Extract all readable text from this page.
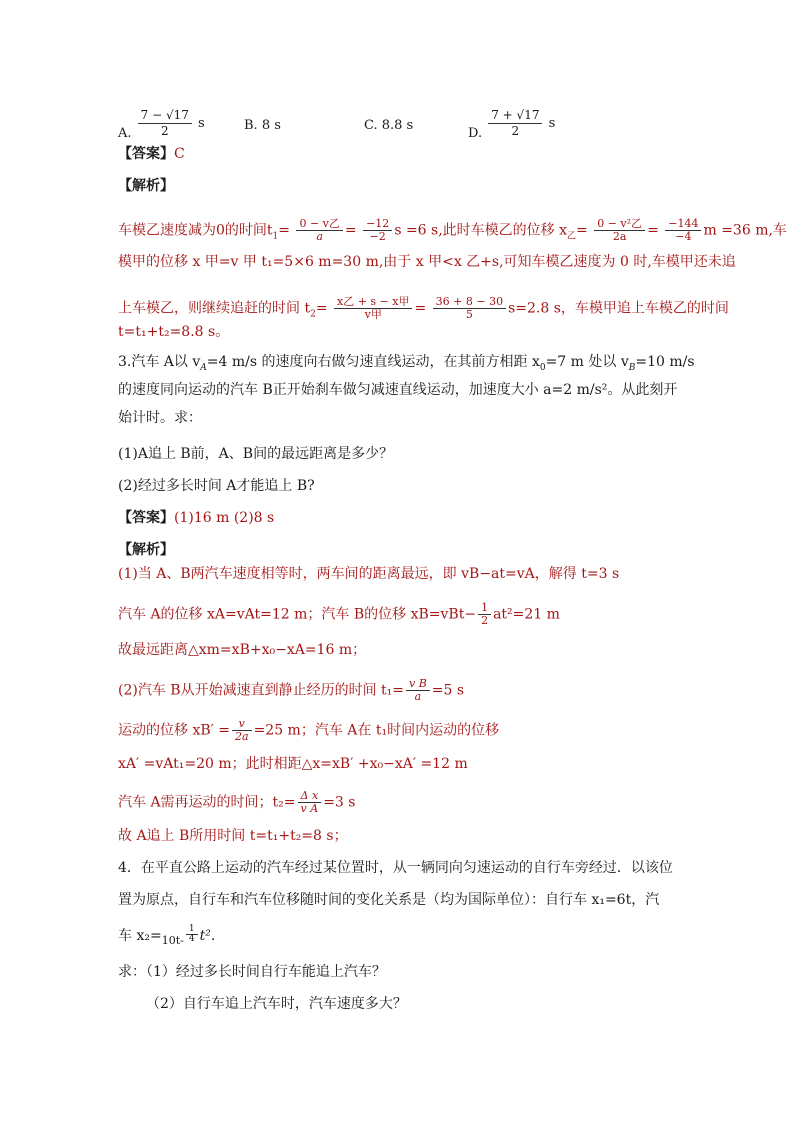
A. $\frac{7 - √17}{2}$ s	B. 8 s	C. 8.8 s
D. $\frac{7 + √17}{2}$ s
【答案】C
【解析】
车模乙速度减为0的时间$t_1= \frac{\text{0 − v乙}}{a} = \frac{-12}{-2}$ s =6 s,此时车模乙的位移 $x_乙= \frac{\text{0 − v²乙}}{2a} = \frac{-144}{-4}$ m =36 m,车
模甲的位移 x 甲=v 甲 t₁=5×6 m=30 m,由于 x 甲<x 乙+s,可知车模乙速度为 0 时,车模甲还未追
上车模乙，则继续追赶的时间 $t_2= \frac{\text{x乙 + s − x甲}}{\text{v甲}} = \frac{36 + 8 - 30}{5} s=2.8$ s，车模甲追上车模乙的时间
t=t₁+t₂=8.8 s。
3.汽车 A以 $v_A=4$ m/s 的速度向右做匀速直线运动，在其前方相距 $x_0=7$ m 处以 $v_B=10$ m/s
的速度同向运动的汽车 B正开始刹车做匀减速直线运动，加速度大小 a=2 m/s²。从此刻开
始计时。求：
(1)A追上 B前，A、B间的最远距离是多少？
(2)经过多长时间 A才能追上 B?
【答案】(1)16 m (2)8 s
【解析】
(1)当 A、B两汽车速度相等时，两车间的距离最远，即 vB−at=vA，解得 t=3 s
汽车 A的位移 xA=vAt=12 m；汽车 B的位移 $xB=vBt- \frac{1}{2} at^2=21$ m
故最远距离△xm=xB+x₀−xA=16 m；
(2)汽车 B从开始减速直到静止经历的时间 $t_1= \frac{\text{v B}}{a} =5$ s
运动的位移 $xB' = \frac{v}{2a} =25$ m；汽车 A在 t₁时间内运动的位移
xA′ =vAt₁=20 m；此时相距△x=xB′ +x₀−xA′ =12 m
汽车 A需再运动的时间；$t_2= \frac{\text{Δ x}}{\text{v A}} =3$ s
故 A追上 B所用时间 t=t₁+t₂=8 s；
4．在平直公路上运动的汽车经过某位置时，从一辆同向匀速运动的自行车旁经过．以该位
置为原点，自行车和汽车位移随时间的变化关系是（均为国际单位）：自行车 x₁=6t，汽
车 $x_2=_{10t-} \frac{1}{4} t^2$.
求：（1）经过多长时间自行车能追上汽车？
（2）自行车追上汽车时，汽车速度多大？
